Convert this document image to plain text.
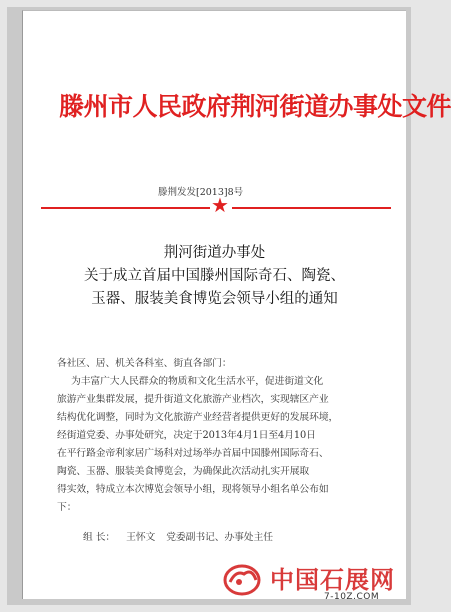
滕州市人民政府荆河街道办事处文件
滕荆发发[2013]8号
★
荆河街道办事处
关于成立首届中国滕州国际奇石、陶瓷、
玉器、服装美食博览会领导小组的通知
各社区、居、机关各科室、街直各部门：
为丰富广大人民群众的物质和文化生活水平，促进街道文化
旅游产业集群发展，提升街道文化旅游产业档次，实现辖区产业
结构优化调整，同时为文化旅游产业经营者提供更好的发展环境，
经街道党委、办事处研究，决定于2013年4月1日至4月10日
在平行路金帝利家居广场科对过场举办首届中国滕州国际奇石、
陶瓷、玉器、服装美食博览会，为确保此次活动扎实开展取
得实效，特成立本次博览会领导小组，现将领导小组名单公布如
下：
组 长： 王怀文 党委副书记、办事处主任
中国石展网
7-10Z.COM
